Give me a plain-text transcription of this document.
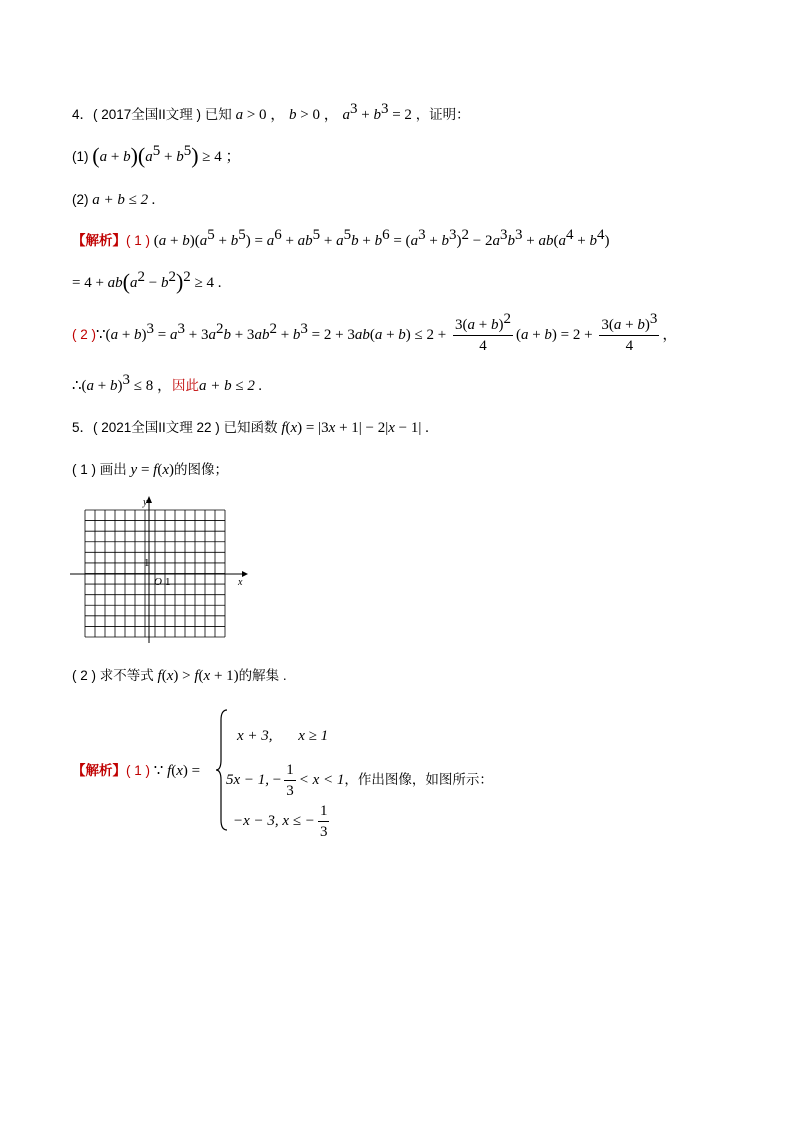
4．( 2017全国II文理 ) 已知 a > 0 ， b > 0 ， $a^3 + b^3 = 2$ ，证明：
(1) $(a + b)(a^5 + b^5) \ge 4$ ；
(2) a + b ≤ 2 .
【解析】( 1 ) $(a + b)(a^5 + b^5) = a^6 + ab^5 + a^5b + b^6 = (a^3 + b^3)^2 - 2a^3b^3 + ab(a^4 + b^4)$
= $4 + ab(a^2 - b^2)^2 \ge 4$ .
( 2 )∵(a + $b)^3 = a^3 + 3a^2b + 3ab^2 + b^3 = 2 + 3ab(a + b) \le 2 + \frac{3(a + b)^2}{4} (a + b) = 2 + \frac{3(a + b)^3}{4}$ ，
∴(a + b)$^3$ ≤ 8 ，因此a + b ≤ 2 .
5．( 2021全国II文理 22 ) 已知函数 f(x) = |3x + 1| − 2|x − 1| .
( 1 ) 画出 y = f(x)的图像；
y
x
O 1
1
( 2 ) 求不等式 f(x) > f(x + 1)的解集 .
【解析】( 1 ) ∵ f(x) =
x + 3, x ≥ 1
5x − 1, − $\frac{1}{3} < x < 1$，作出图像，如图所示：
−x − 3, x ≤ − $\frac{1}{3}$
